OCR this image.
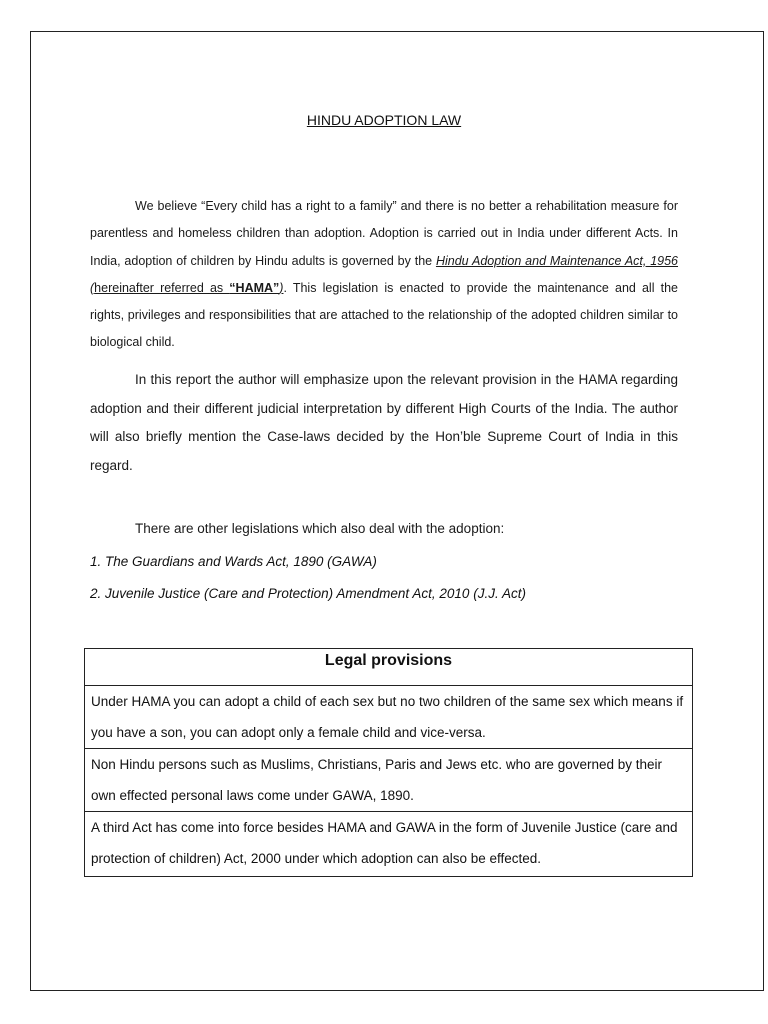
HINDU ADOPTION LAW
We believe “Every child has a right to a family” and there is no better a rehabilitation measure for parentless and homeless children than adoption. Adoption is carried out in India under different Acts. In India, adoption of children by Hindu adults is governed by the Hindu Adoption and Maintenance Act, 1956 (hereinafter referred as “HAMA”). This legislation is enacted to provide the maintenance and all the rights, privileges and responsibilities that are attached to the relationship of the adopted children similar to biological child.
In this report the author will emphasize upon the relevant provision in the HAMA regarding adoption and their different judicial interpretation by different High Courts of the India. The author will also briefly mention the Case-laws decided by the Hon’ble Supreme Court of India in this regard.
There are other legislations which also deal with the adoption:
1. The Guardians and Wards Act, 1890 (GAWA)
2. Juvenile Justice (Care and Protection) Amendment Act, 2010 (J.J. Act)
Legal provisions
Under HAMA you can adopt a child of each sex but no two children of the same sex which means if you have a son, you can adopt only a female child and vice-versa.
Non Hindu persons such as Muslims, Christians, Paris and Jews etc. who are governed by their own effected personal laws come under GAWA, 1890.
A third Act has come into force besides HAMA and GAWA in the form of Juvenile Justice (care and protection of children) Act, 2000 under which adoption can also be effected.
